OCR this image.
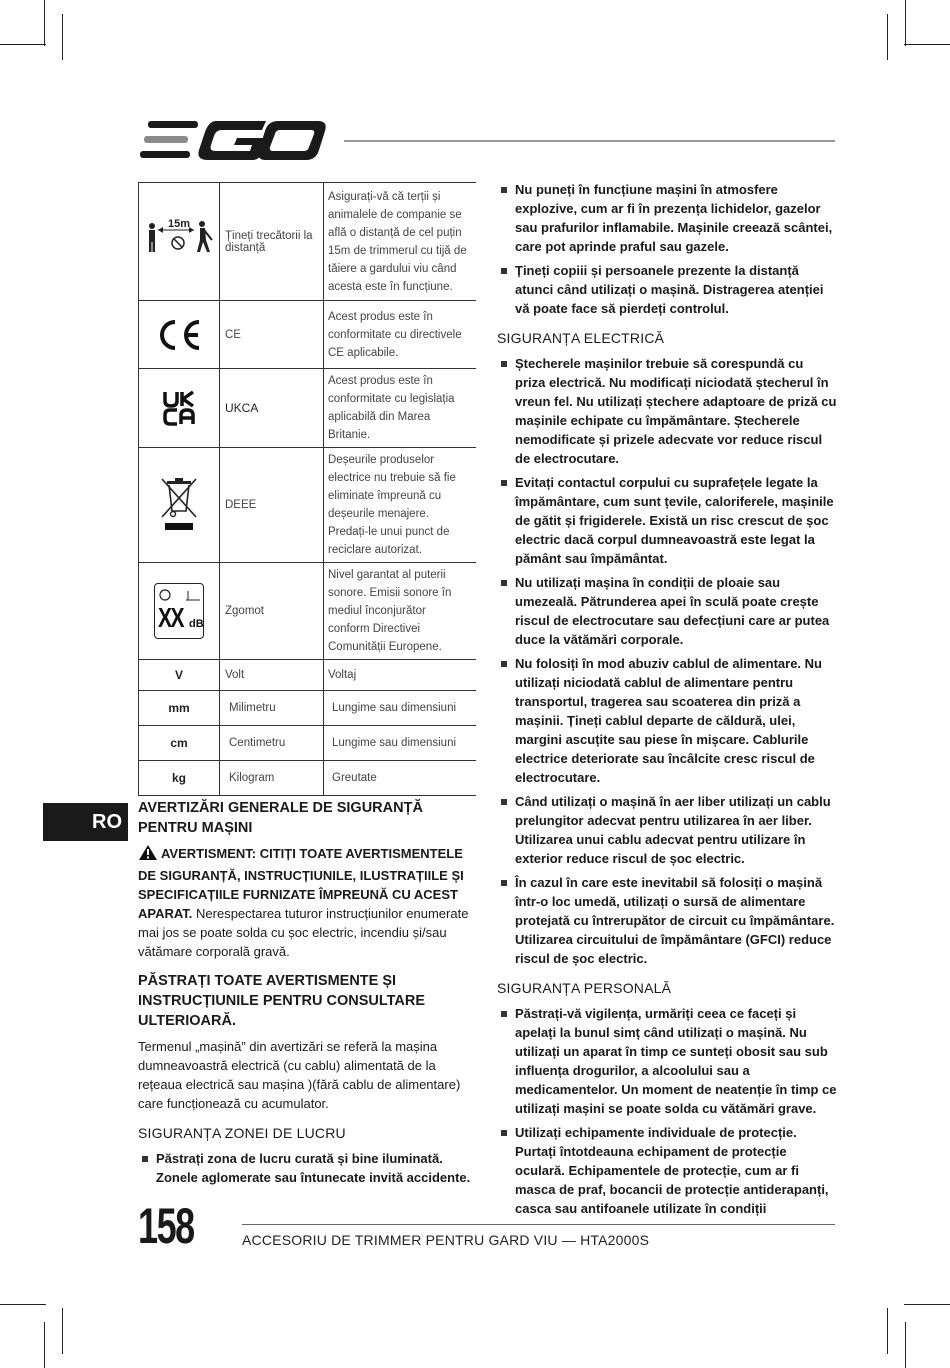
15m	Țineți trecătorii la distanță	Asigurați-vă că terții și animalele de companie se află o distanță de cel puțin 15m de trimmerul cu tijă de tăiere a gardului viu când acesta este în funcțiune.

	CE	Acest produs este în conformitate cu directivele CE aplicabile.

	UKCA	Acest produs este în conformitate cu legislația aplicabilă din Marea Britanie.

	DEEE	Deșeurile produselor electrice nu trebuie să fie eliminate împreună cu deșeurile menajere. Predați-le unui punct de reciclare autorizat.

XX dB	Zgomot	Nivel garantat al puterii sonore. Emisii sonore în mediul înconjurător conform Directivei Comunității Europene.
V	Volt	Voltaj
mm	Milimetru	Lungime sau dimensiuni
cm	Centimetru	Lungime sau dimensiuni
kg	Kilogram	Greutate
RO
AVERTIZĂRI GENERALE DE SIGURANȚĂ PENTRU MAȘINI

AVERTISMENT: CITIȚI TOATE AVERTISMENTELE DE SIGURANȚĂ, INSTRUCȚIUNILE, ILUSTRAȚIILE ȘI SPECIFICAȚIILE FURNIZATE ÎMPREUNĂ CU ACEST APARAT. Nerespectarea tuturor instrucțiunilor enumerate mai jos se poate solda cu șoc electric, incendiu și/sau vătămare corporală gravă.

PĂSTRAȚI TOATE AVERTISMENTE ȘI INSTRUCȚIUNILE PENTRU CONSULTARE ULTERIOARĂ.

Termenul „mașină” din avertizări se referă la mașina dumneavoastră electrică (cu cablu) alimentată de la rețeaua electrică sau mașina )(fără cablu de alimentare) care funcționează cu acumulator.

SIGURANȚA ZONEI DE LUCRU
Păstrați zona de lucru curată și bine iluminată. Zonele aglomerate sau întunecate invită accidente.
Nu puneți în funcțiune mașini în atmosfere explozive, cum ar fi în prezența lichidelor, gazelor sau prafurilor inflamabile. Mașinile creează scântei, care pot aprinde praful sau gazele.
Țineți copiii și persoanele prezente la distanță atunci când utilizați o mașină. Distragerea atenției vă poate face să pierdeți controlul.
SIGURANȚA ELECTRICĂ
Ștecherele mașinilor trebuie să corespundă cu priza electrică. Nu modificați niciodată ștecherul în vreun fel. Nu utilizați ștechere adaptoare de priză cu mașinile echipate cu împământare. Ștecherele nemodificate și prizele adecvate vor reduce riscul de electrocutare.
Evitați contactul corpului cu suprafețele legate la împământare, cum sunt țevile, caloriferele, mașinile de gătit și frigiderele. Există un risc crescut de șoc electric dacă corpul dumneavoastră este legat la pământ sau împământat.
Nu utilizați mașina în condiții de ploaie sau umezeală. Pătrunderea apei în sculă poate crește riscul de electrocutare sau defecțiuni care ar putea duce la vătămări corporale.
Nu folosiți în mod abuziv cablul de alimentare. Nu utilizați niciodată cablul de alimentare pentru transportul, tragerea sau scoaterea din priză a mașinii. Țineți cablul departe de căldură, ulei, margini ascuțite sau piese în mișcare. Cablurile electrice deteriorate sau încâlcite cresc riscul de electrocutare.
Când utilizați o mașină în aer liber utilizați un cablu prelungitor adecvat pentru utilizarea în aer liber. Utilizarea unui cablu adecvat pentru utilizare în exterior reduce riscul de șoc electric.
În cazul în care este inevitabil să folosiți o mașină într-o loc umedă, utilizați o sursă de alimentare protejată cu întrerupător de circuit cu împământare. Utilizarea circuitului de împământare (GFCI) reduce riscul de șoc electric.
SIGURANȚA PERSONALĂ
Păstrați-vă vigilența, urmăriți ceea ce faceți și apelați la bunul simț când utilizați o mașină. Nu utilizați un aparat în timp ce sunteți obosit sau sub influența drogurilor, a alcoolului sau a medicamentelor. Un moment de neatenție în timp ce utilizați mașini se poate solda cu vătămări grave.
Utilizați echipamente individuale de protecție. Purtați întotdeauna echipament de protecție oculară. Echipamentele de protecție, cum ar fi masca de praf, bocancii de protecție antiderapanți, casca sau antifoanele utilizate în condiții
158	ACCESORIU DE TRIMMER PENTRU GARD VIU — HTA2000S
